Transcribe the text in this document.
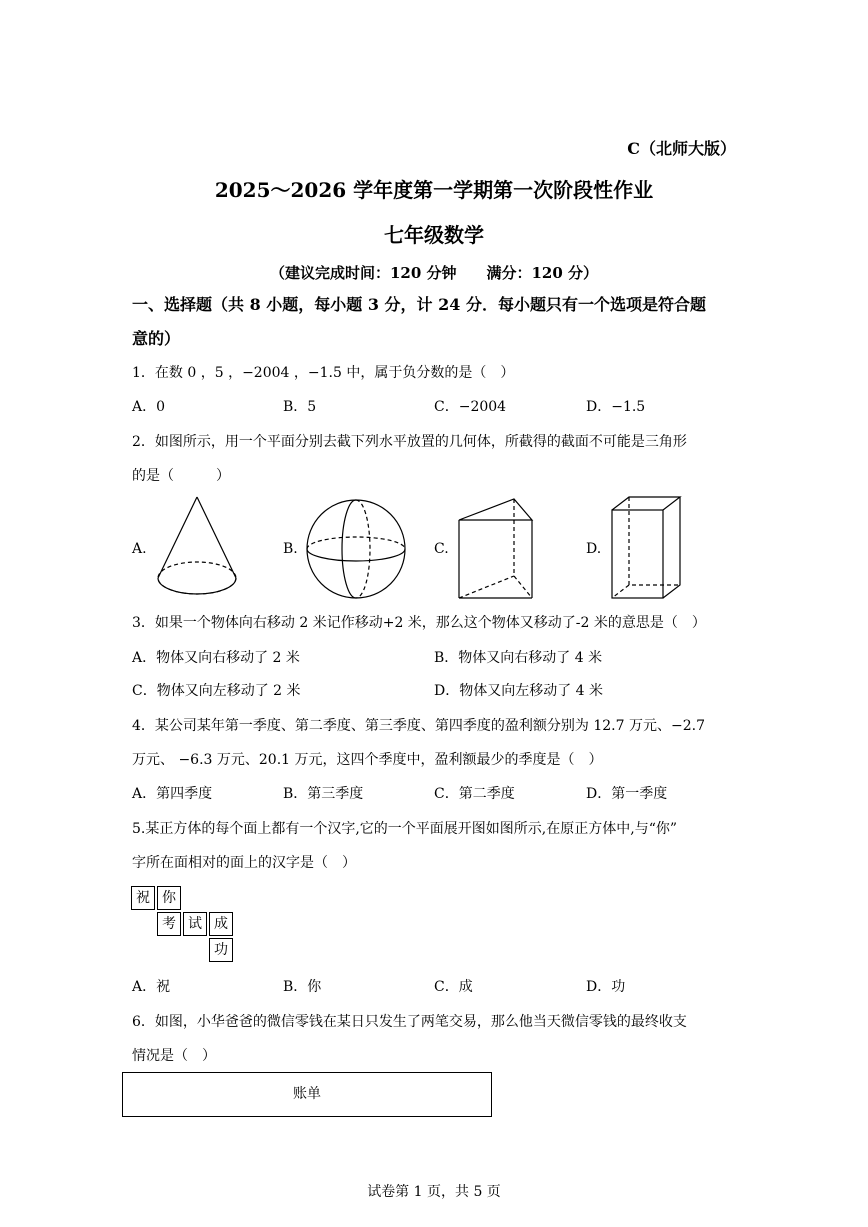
C（北师大版）
2025～2026 学年度第一学期第一次阶段性作业
七年级数学
（建议完成时间：120 分钟　　满分：120 分）
一、选择题（共 8 小题，每小题 3 分，计 24 分．每小题只有一个选项是符合题
意的）
1．在数 0 ，5 ，−2004 ，−1.5 中，属于负分数的是（　）
A．0	B．5	C．−2004	D．−1.5
2．如图所示，用一个平面分别去截下列水平放置的几何体，所截得的截面不可能是三角形
的是（　　　）
A.	B.	C.	D.
3．如果一个物体向右移动 2 米记作移动+2 米，那么这个物体又移动了-2 米的意思是（　）
A．物体又向右移动了 2 米	B．物体又向右移动了 4 米
C．物体又向左移动了 2 米	D．物体又向左移动了 4 米
4．某公司某年第一季度、第二季度、第三季度、第四季度的盈利额分别为 12.7 万元、−2.7
万元、 −6.3 万元、20.1 万元，这四个季度中，盈利额最少的季度是（　）
A．第四季度	B．第三季度	C．第二季度	D．第一季度
5.某正方体的每个面上都有一个汉字,它的一个平面展开图如图所示,在原正方体中,与“你”
字所在面相对的面上的汉字是（　）
祝 你
考 试 成
功
A．祝	B．你	C．成	D．功
6．如图，小华爸爸的微信零钱在某日只发生了两笔交易，那么他当天微信零钱的最终收支
情况是（　）
账单
试卷第 1 页，共 5 页
